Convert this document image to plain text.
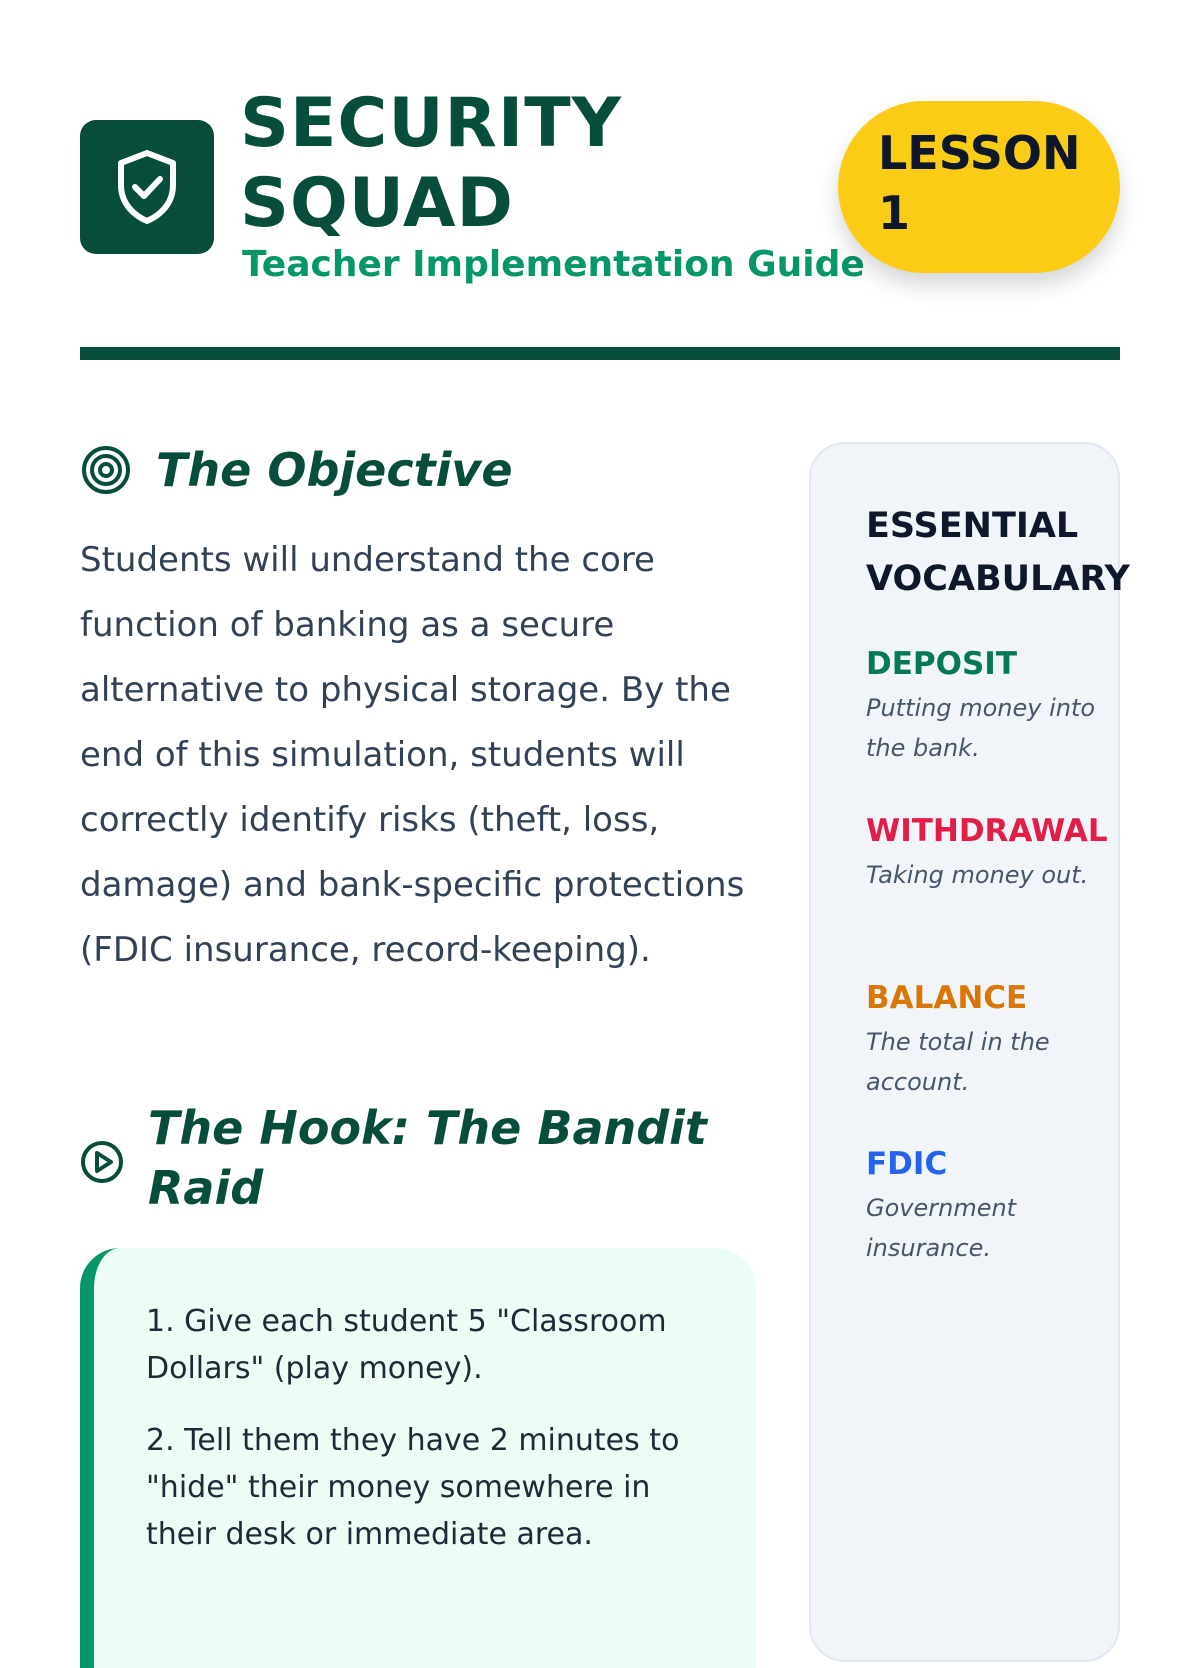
SECURITY
SQUAD
Teacher Implementation Guide
LESSON
1
The Objective
Students will understand the core function of banking as a secure alternative to physical storage. By the end of this simulation, students will correctly identify risks (theft, loss, damage) and bank-specific protections (FDIC insurance, record-keeping).
The Hook: The Bandit Raid
1. Give each student 5 "Classroom Dollars" (play money).
2. Tell them they have 2 minutes to "hide" their money somewhere in their desk or immediate area.
ESSENTIAL VOCABULARY
DEPOSIT
Putting money into the bank.
WITHDRAWAL
Taking money out.
BALANCE
The total in the account.
FDIC
Government insurance.
